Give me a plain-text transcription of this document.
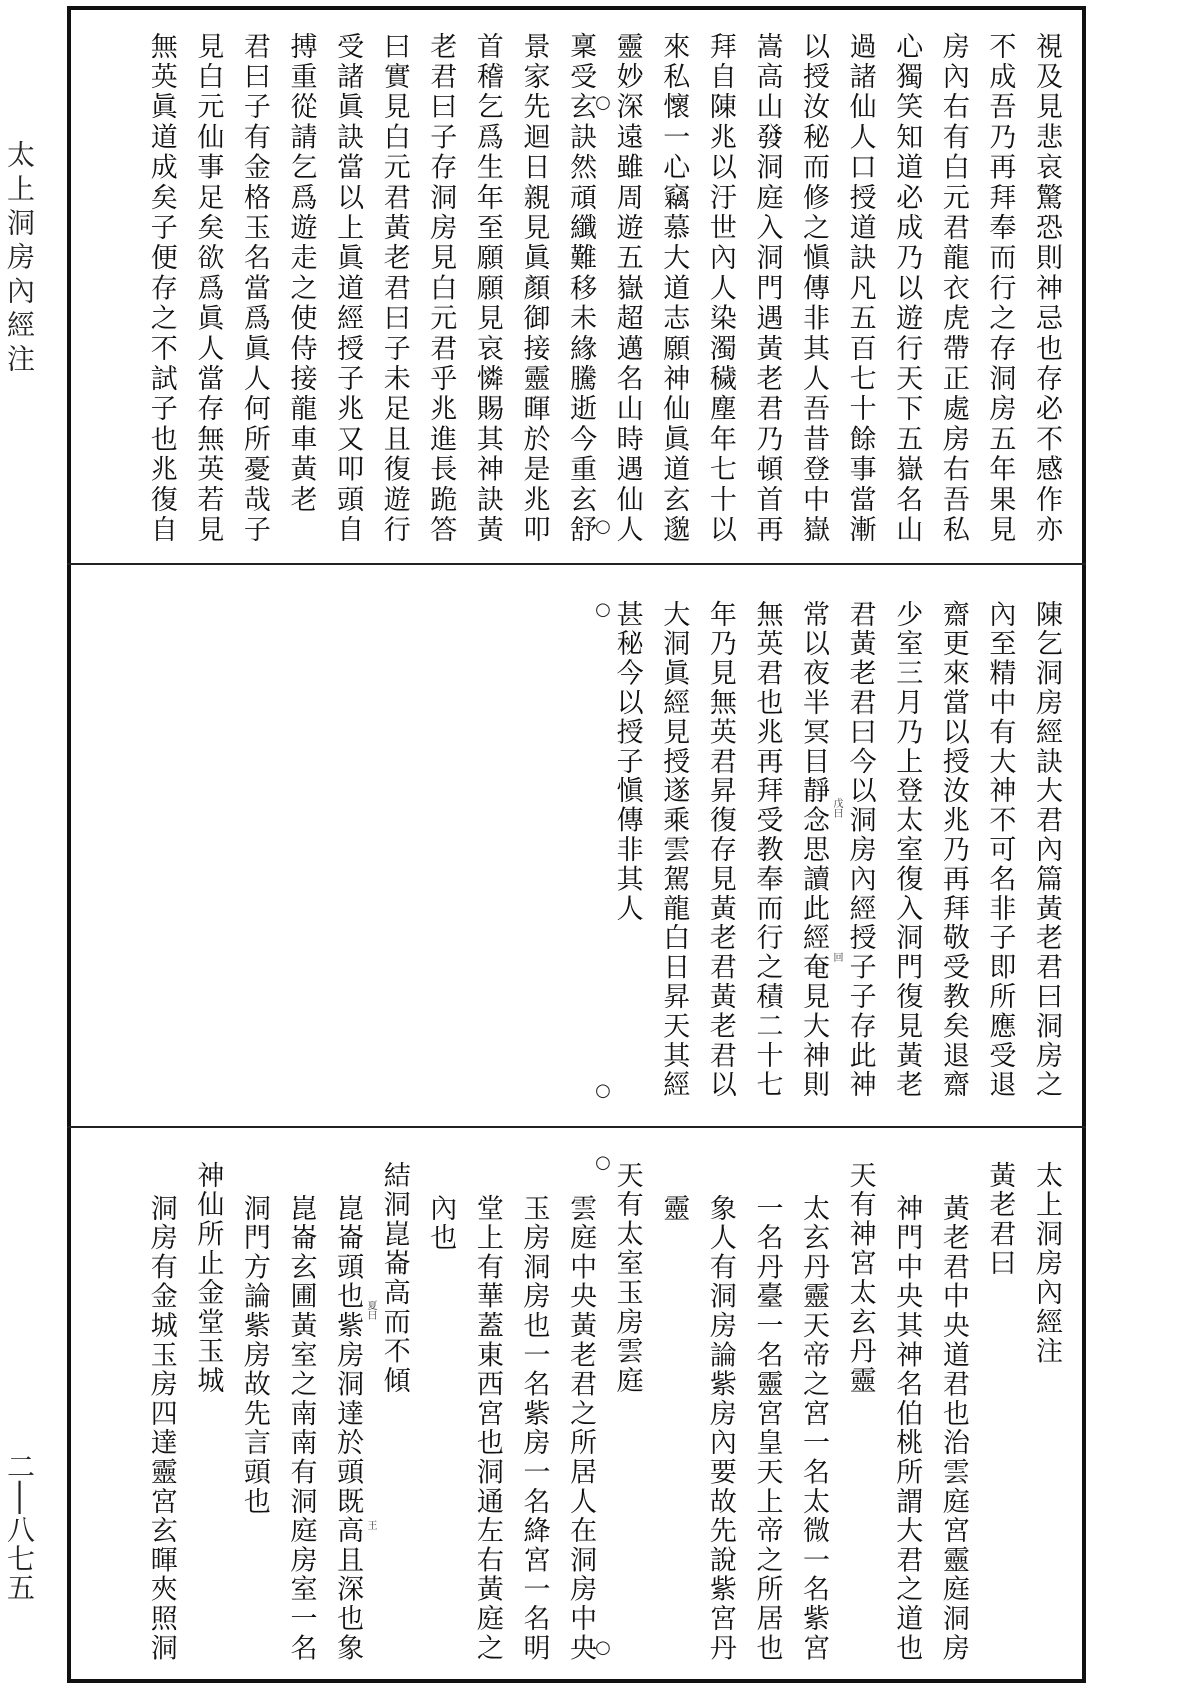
太上洞房內經注
二│八七五
視及見悲哀驚恐則神忌也存必不感作亦
不成吾乃再拜奉而行之存洞房五年果見
房內右有白元君龍衣虎帶正處房右吾私
心獨笑知道必成乃以遊行天下五嶽名山
過諸仙人口授道訣凡五百七十餘事當漸
以授汝秘而修之愼傳非其人吾昔登中嶽
嵩高山發洞庭入洞門遇黃老君乃頓首再
拜自陳兆以汙世內人染濁穢塵年七十以
來私懷一心竊慕大道志願神仙眞道玄邈
靈妙深遠雖周遊五嶽超邁名山時遇仙人
稟受玄訣然頑纖難移未緣騰逝今重玄舒
景家先迴日親見眞顏御接靈暉於是兆叩
首稽乞爲生年至願願見哀憐賜其神訣黃
老君曰子存洞房見白元君乎兆進長跪答
曰實見白元君黃老君曰子未足且復遊行
受諸眞訣當以上眞道經授子兆又叩頭自
搏重從請乞爲遊走之使侍接龍車黃老
君曰子有金格玉名當爲眞人何所憂哉子
見白元仙事足矣欲爲眞人當存無英若見
無英眞道成矣子便存之不試子也兆復自
陳乞洞房經訣大君內篇黃老君曰洞房之
內至精中有大神不可名非子即所應受退
齋更來當以授汝兆乃再拜敬受教矣退齋
少室三月乃上登太室復入洞門復見黃老
君黃老君曰今以洞房內經授子子存此神
常以夜半冥目靜念思讀此經奄見大神則
無英君也兆再拜受教奉而行之積二十七
年乃見無英君昇復存見黃老君黃老君以
大洞眞經見授遂乘雲駕龍白日昇天其經
甚秘今以授子愼傳非其人
太上洞房內經注
黃老君曰
黃老君中央道君也治雲庭宮靈庭洞房
神門中央其神名伯桃所謂大君之道也
天有神宮太玄丹靈
太玄丹靈天帝之宮一名太微一名紫宮
一名丹臺一名靈宮皇天上帝之所居也
象人有洞房論紫房內要故先說紫宮丹
靈
天有太室玉房雲庭
雲庭中央黃老君之所居人在洞房中央
玉房洞房也一名紫房一名絳宮一名明
堂上有華蓋東西宮也洞通左右黃庭之
內也
結洞崑崙高而不傾
崑崙頭也紫房洞達於頭既高且深也象
崑崙玄圃黃室之南南有洞庭房室一名
洞門方論紫房故先言頭也
神仙所止金堂玉城
洞房有金城玉房四達靈宮玄暉夾照洞
○
○
○
○
○
○
戊曰
回
夏曰
王
